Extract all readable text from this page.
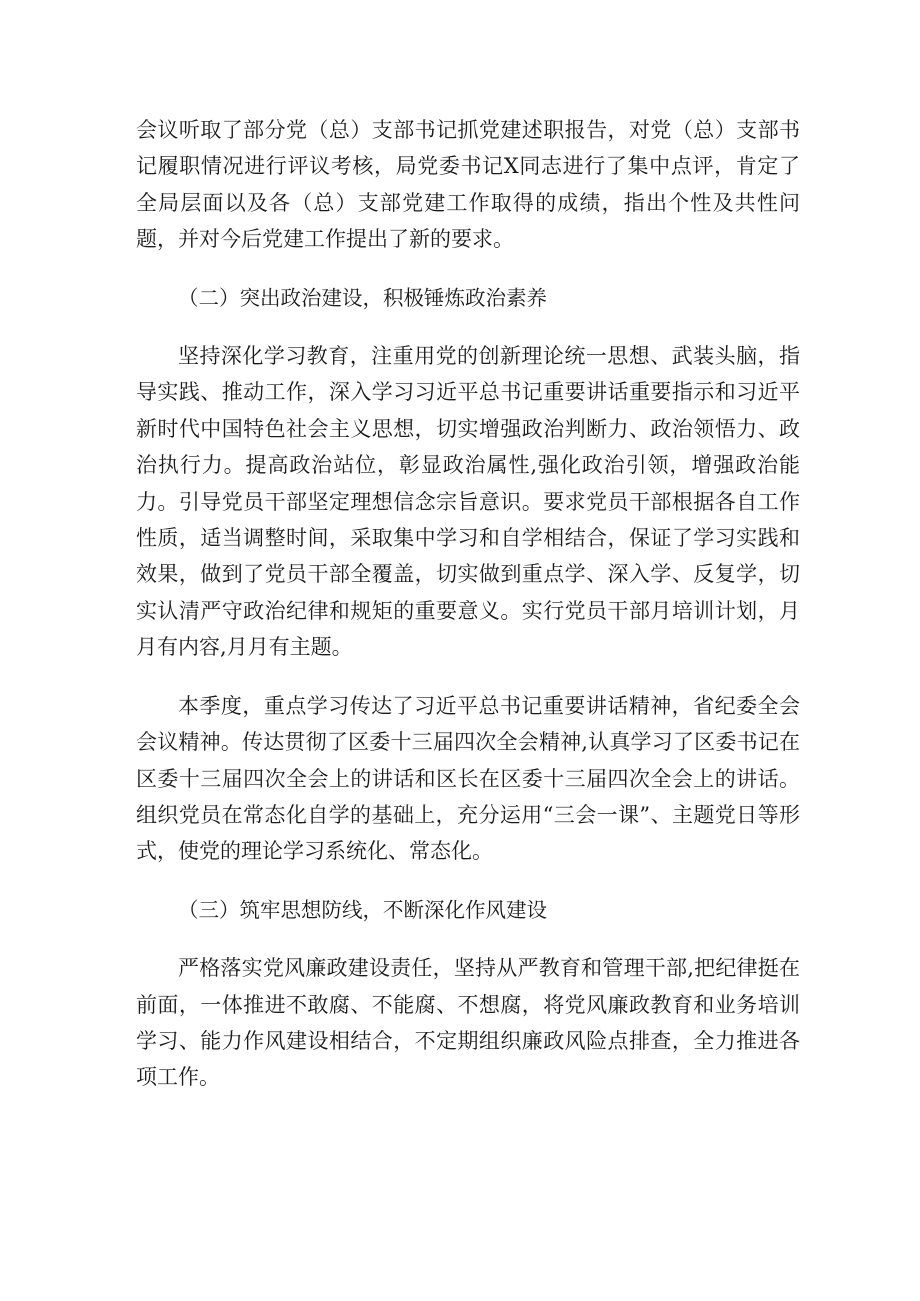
会议听取了部分党（总）支部书记抓党建述职报告，对党（总）支部书记履职情况进行评议考核，局党委书记X同志进行了集中点评，肯定了全局层面以及各（总）支部党建工作取得的成绩，指出个性及共性问题，并对今后党建工作提出了新的要求。

（二）突出政治建设，积极锤炼政治素养

坚持深化学习教育，注重用党的创新理论统一思想、武装头脑，指导实践、推动工作，深入学习习近平总书记重要讲话重要指示和习近平新时代中国特色社会主义思想，切实增强政治判断力、政治领悟力、政治执行力。提高政治站位，彰显政治属性,强化政治引领，增强政治能力。引导党员干部坚定理想信念宗旨意识。要求党员干部根据各自工作性质，适当调整时间，采取集中学习和自学相结合，保证了学习实践和效果，做到了党员干部全覆盖，切实做到重点学、深入学、反复学，切实认清严守政治纪律和规矩的重要意义。实行党员干部月培训计划，月月有内容,月月有主题。

本季度，重点学习传达了习近平总书记重要讲话精神，省纪委全会会议精神。传达贯彻了区委十三届四次全会精神,认真学习了区委书记在区委十三届四次全会上的讲话和区长在区委十三届四次全会上的讲话。组织党员在常态化自学的基础上，充分运用“三会一课”、主题党日等形式，使党的理论学习系统化、常态化。

（三）筑牢思想防线，不断深化作风建设

严格落实党风廉政建设责任，坚持从严教育和管理干部,把纪律挺在前面，一体推进不敢腐、不能腐、不想腐，将党风廉政教育和业务培训学习、能力作风建设相结合，不定期组织廉政风险点排查，全力推进各项工作。
